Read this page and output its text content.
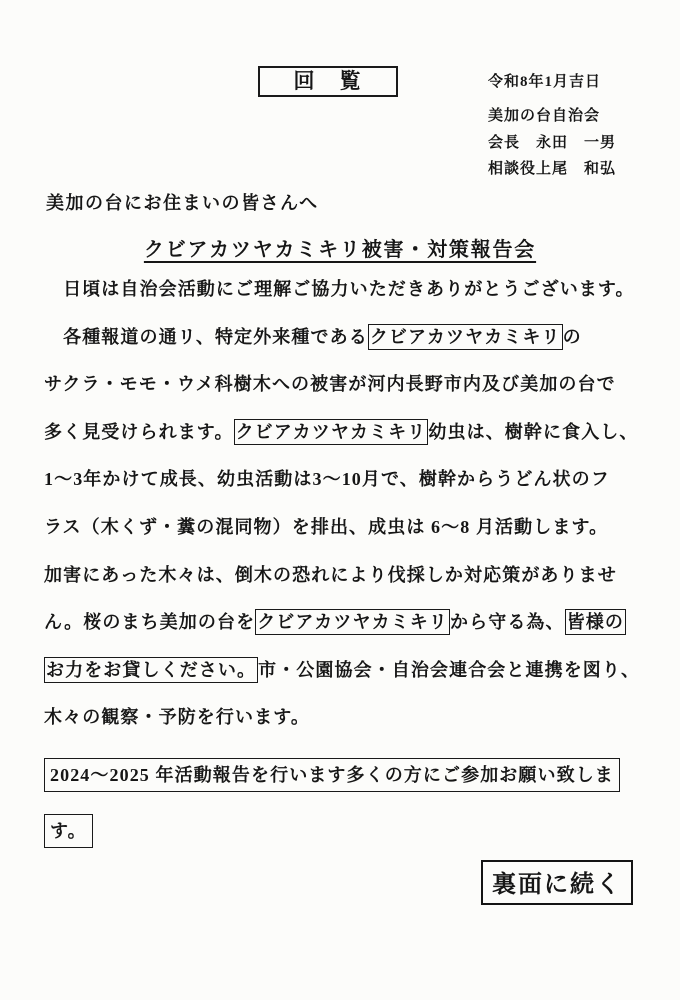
回　覧	令和8年1月吉日
美加の台自治会
会長　永田　一男
相談役上尾　和弘
美加の台にお住まいの皆さんへ
クビアカツヤカミキリ被害・対策報告会
　日頃は自治会活動にご理解ご協力いただきありがとうございます。
　各種報道の通リ、特定外来種である クビアカツヤカミキリ の
サクラ・モモ・ウメ科樹木への被害が河内長野市内及び美加の台で
多く見受けられます。 クビアカツヤカミキリ 幼虫は、樹幹に食入し、
1～3年かけて成長、幼虫活動は3～10月で、樹幹からうどん状のフ
ラス（木くず・糞の混同物）を排出、成虫は 6～8 月活動します。
加害にあった木々は、倒木の恐れにより伐採しか対応策がありませ
ん。桜のまち美加の台を クビアカツヤカミキリ から守る為、 皆様の
お力をお貸しください。 市・公園協会・自治会連合会と連携を図り、
木々の観察・予防を行います。
2024～2025 年活動報告を行います多くの方にご参加お願い致しま
す。
裏面に続く
